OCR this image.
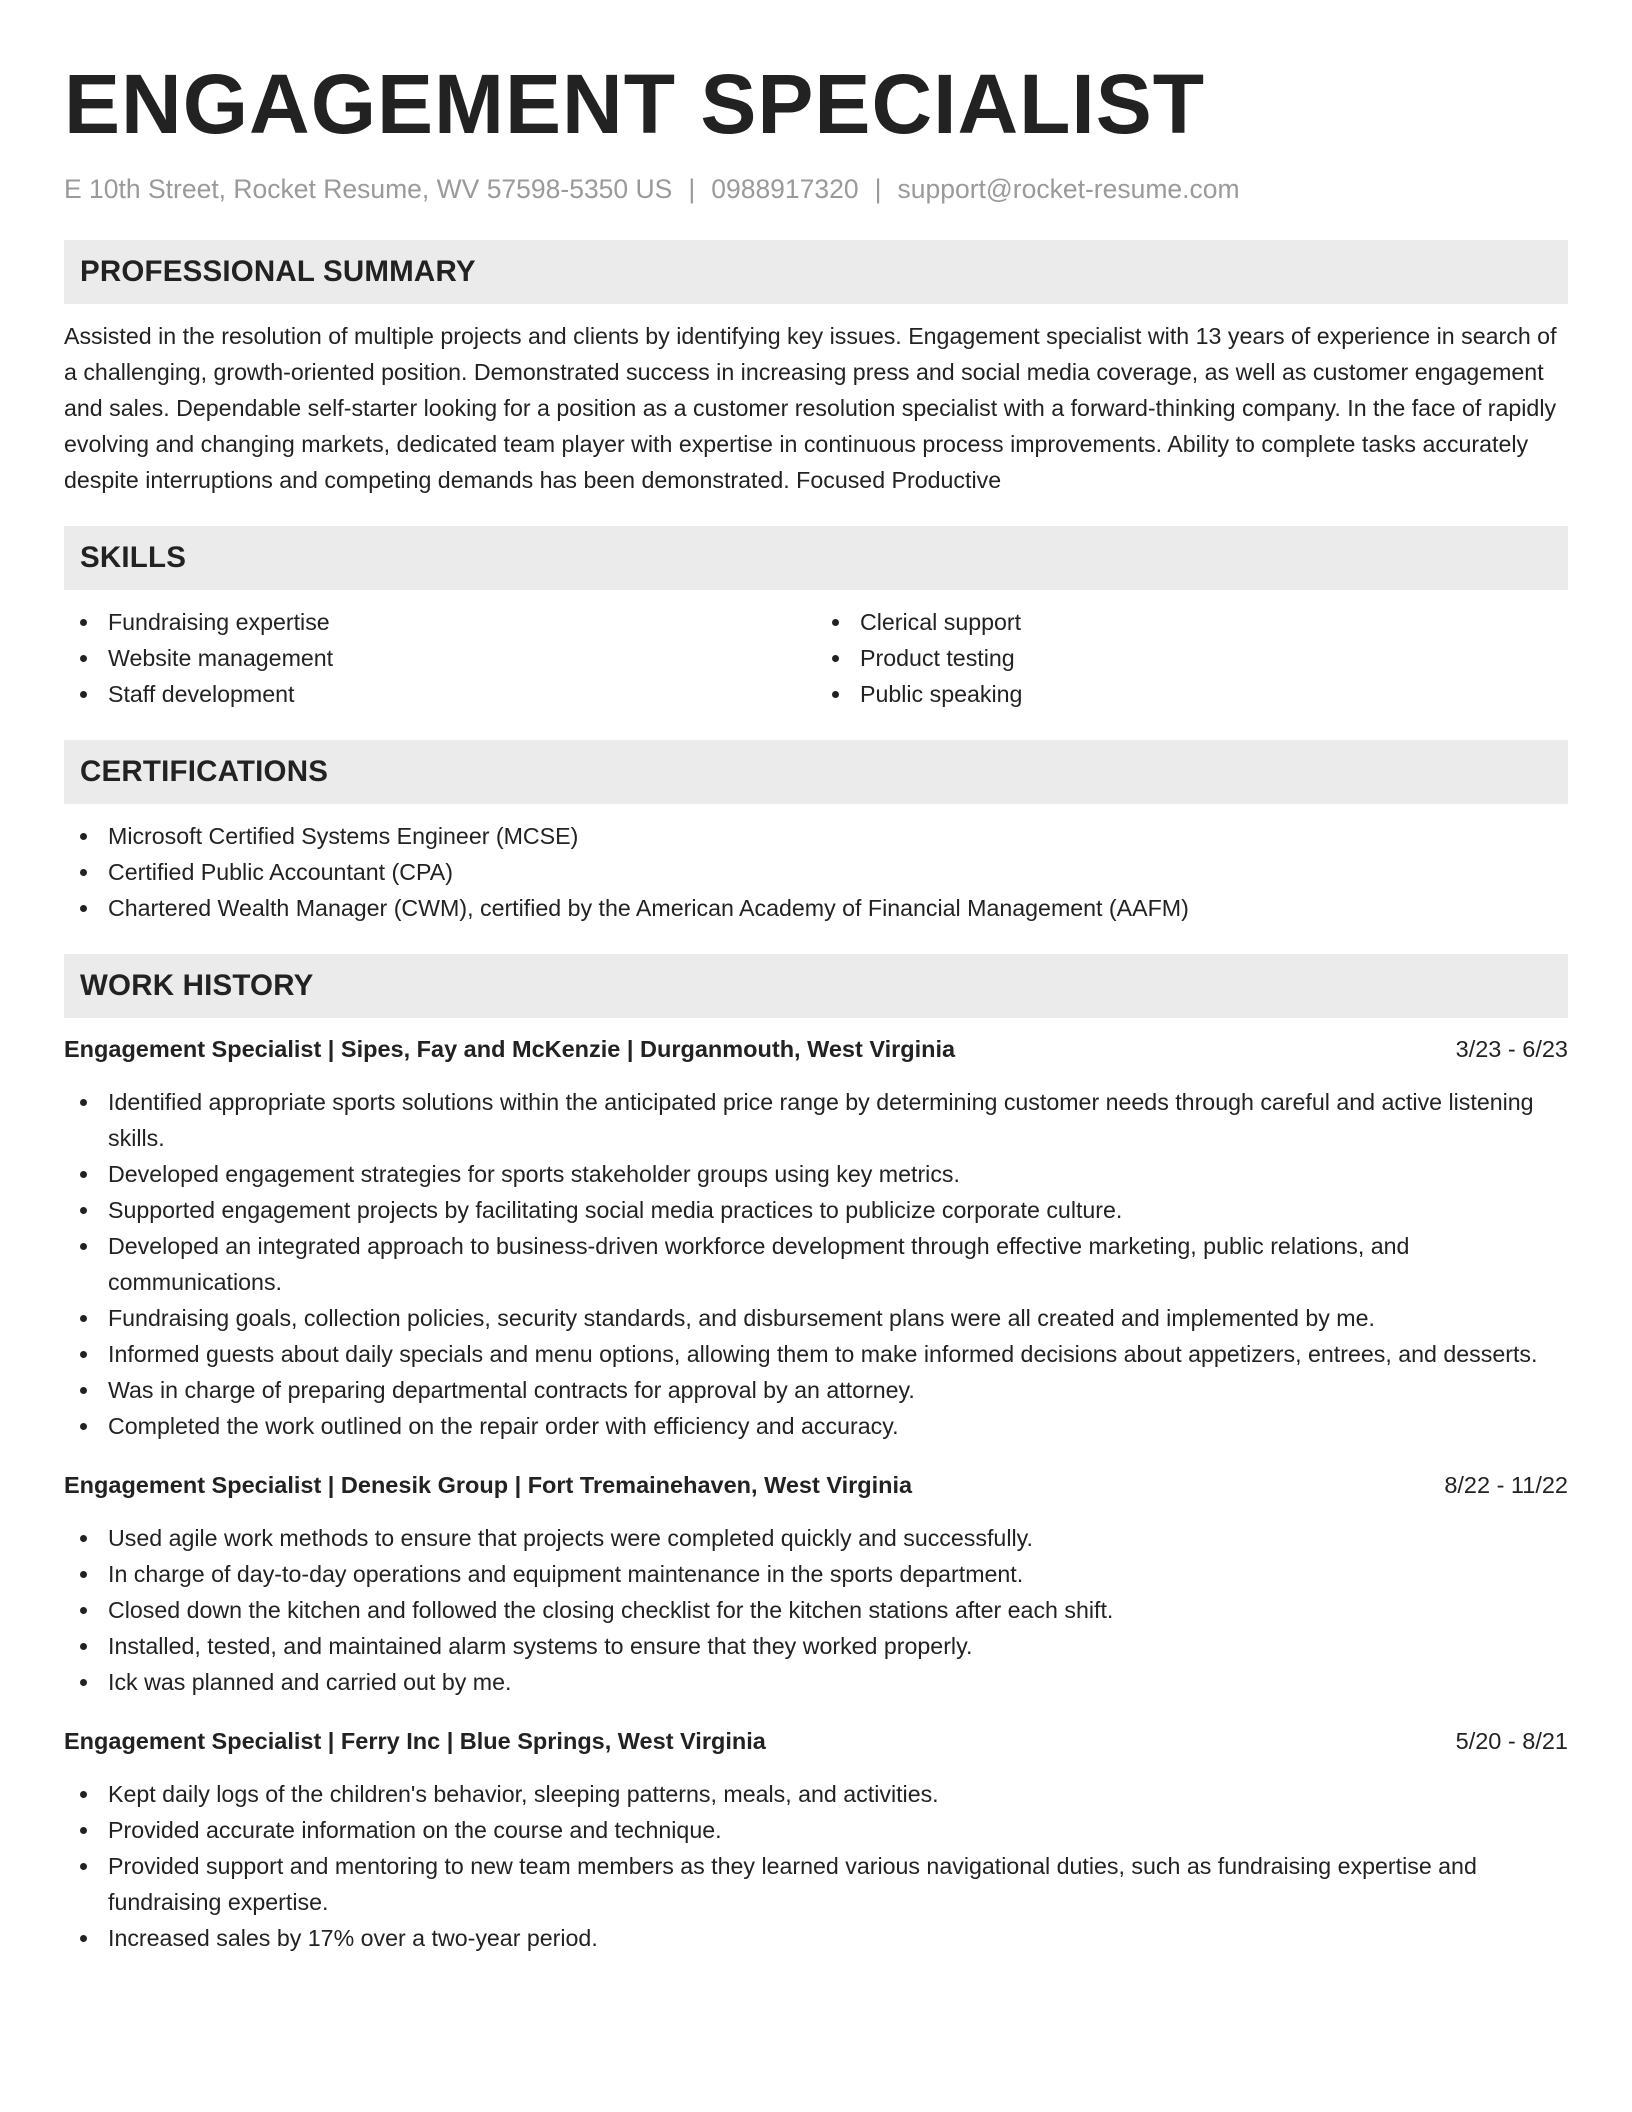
ENGAGEMENT SPECIALIST
E 10th Street, Rocket Resume, WV 57598-5350 US | 0988917320 | support@rocket-resume.com
PROFESSIONAL SUMMARY

Assisted in the resolution of multiple projects and clients by identifying key issues. Engagement specialist with 13 years of experience in search of a challenging, growth-oriented position. Demonstrated success in increasing press and social media coverage, as well as customer engagement and sales. Dependable self-starter looking for a position as a customer resolution specialist with a forward-thinking company. In the face of rapidly evolving and changing markets, dedicated team player with expertise in continuous process improvements. Ability to complete tasks accurately despite interruptions and competing demands has been demonstrated. Focused Productive

SKILLS
Fundraising expertise
Website management
Staff development
Clerical support
Product testing
Public speaking
CERTIFICATIONS
Microsoft Certified Systems Engineer (MCSE)
Certified Public Accountant (CPA)
Chartered Wealth Manager (CWM), certified by the American Academy of Financial Management (AAFM)
WORK HISTORY
Engagement Specialist | Sipes, Fay and McKenzie | Durganmouth, West Virginia	3/23 - 6/23
Identified appropriate sports solutions within the anticipated price range by determining customer needs through careful and active listening skills.
Developed engagement strategies for sports stakeholder groups using key metrics.
Supported engagement projects by facilitating social media practices to publicize corporate culture.
Developed an integrated approach to business-driven workforce development through effective marketing, public relations, and communications.
Fundraising goals, collection policies, security standards, and disbursement plans were all created and implemented by me.
Informed guests about daily specials and menu options, allowing them to make informed decisions about appetizers, entrees, and desserts.
Was in charge of preparing departmental contracts for approval by an attorney.
Completed the work outlined on the repair order with efficiency and accuracy.
Engagement Specialist | Denesik Group | Fort Tremainehaven, West Virginia	8/22 - 11/22
Used agile work methods to ensure that projects were completed quickly and successfully.
In charge of day-to-day operations and equipment maintenance in the sports department.
Closed down the kitchen and followed the closing checklist for the kitchen stations after each shift.
Installed, tested, and maintained alarm systems to ensure that they worked properly.
Ick was planned and carried out by me.
Engagement Specialist | Ferry Inc | Blue Springs, West Virginia	5/20 - 8/21
Kept daily logs of the children's behavior, sleeping patterns, meals, and activities.
Provided accurate information on the course and technique.
Provided support and mentoring to new team members as they learned various navigational duties, such as fundraising expertise and fundraising expertise.
Increased sales by 17% over a two-year period.
